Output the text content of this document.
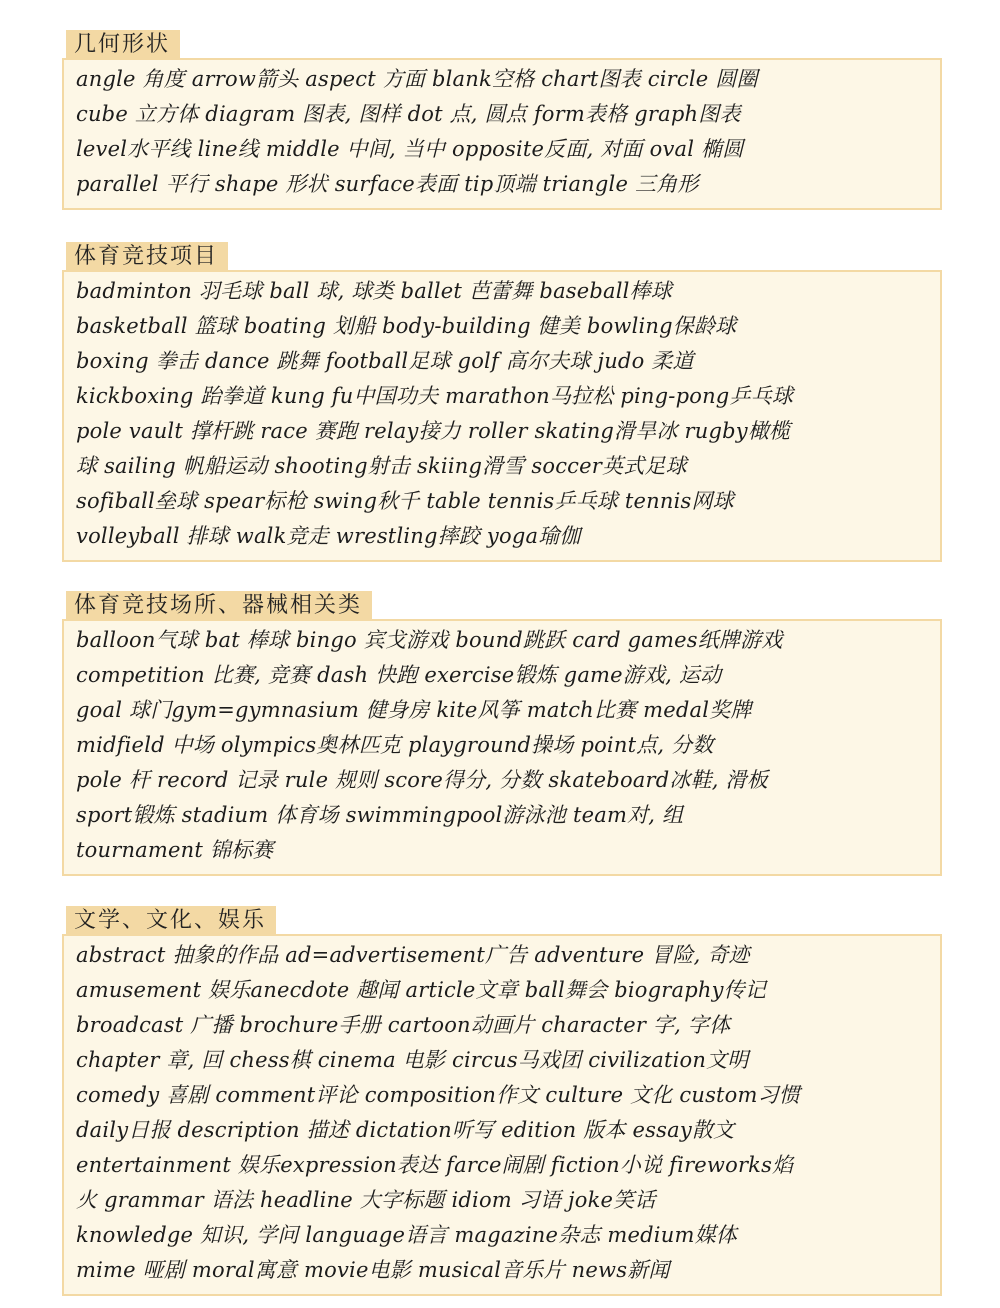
几何形状
angle 角度 arrow箭头 aspect 方面 blank空格 chart图表 circle 圆圈
cube 立方体 diagram 图表, 图样 dot 点, 圆点 form表格 graph图表
level水平线 line线 middle 中间, 当中 opposite反面, 对面 oval 椭圆
parallel 平行 shape 形状 surface表面 tip顶端 triangle 三角形
体育竞技项目
badminton 羽毛球 ball 球, 球类 ballet 芭蕾舞 baseball棒球
basketball 篮球 boating 划船 body-building 健美 bowling保龄球
boxing 拳击 dance 跳舞 football足球 golf 高尔夫球 judo 柔道
kickboxing 跆拳道 kung fu中国功夫 marathon马拉松 ping-pong乒乓球
pole vault 撑杆跳 race 赛跑 relay接力 roller skating滑旱冰 rugby橄榄
球 sailing 帆船运动 shooting射击 skiing滑雪 soccer英式足球
sofiball垒球 spear标枪 swing秋千 table tennis乒乓球 tennis网球
volleyball 排球 walk竞走 wrestling摔跤 yoga瑜伽
体育竞技场所、器械相关类
balloon气球 bat 棒球 bingo 宾戈游戏 bound跳跃 card games纸牌游戏
competition 比赛, 竞赛 dash 快跑 exercise锻炼 game游戏, 运动
goal 球门gym=gymnasium 健身房 kite风筝 match比赛 medal奖牌
midfield 中场 olympics奥林匹克 playground操场 point点, 分数
pole 杆 record 记录 rule 规则 score得分, 分数 skateboard冰鞋, 滑板
sport锻炼 stadium 体育场 swimmingpool游泳池 team对, 组
tournament 锦标赛
文学、文化、娱乐
abstract 抽象的作品 ad=advertisement广告 adventure 冒险, 奇迹
amusement 娱乐anecdote 趣闻 article文章 ball舞会 biography传记
broadcast 广播 brochure手册 cartoon动画片 character 字, 字体
chapter 章, 回 chess棋 cinema 电影 circus马戏团 civilization文明
comedy 喜剧 comment评论 composition作文 culture 文化 custom习惯
daily日报 description 描述 dictation听写 edition 版本 essay散文
entertainment 娱乐expression表达 farce闹剧 fiction小说 fireworks焰
火 grammar 语法 headline 大字标题 idiom 习语 joke笑话
knowledge 知识, 学问 language语言 magazine杂志 medium媒体
mime 哑剧 moral寓意 movie电影 musical音乐片 news新闻
